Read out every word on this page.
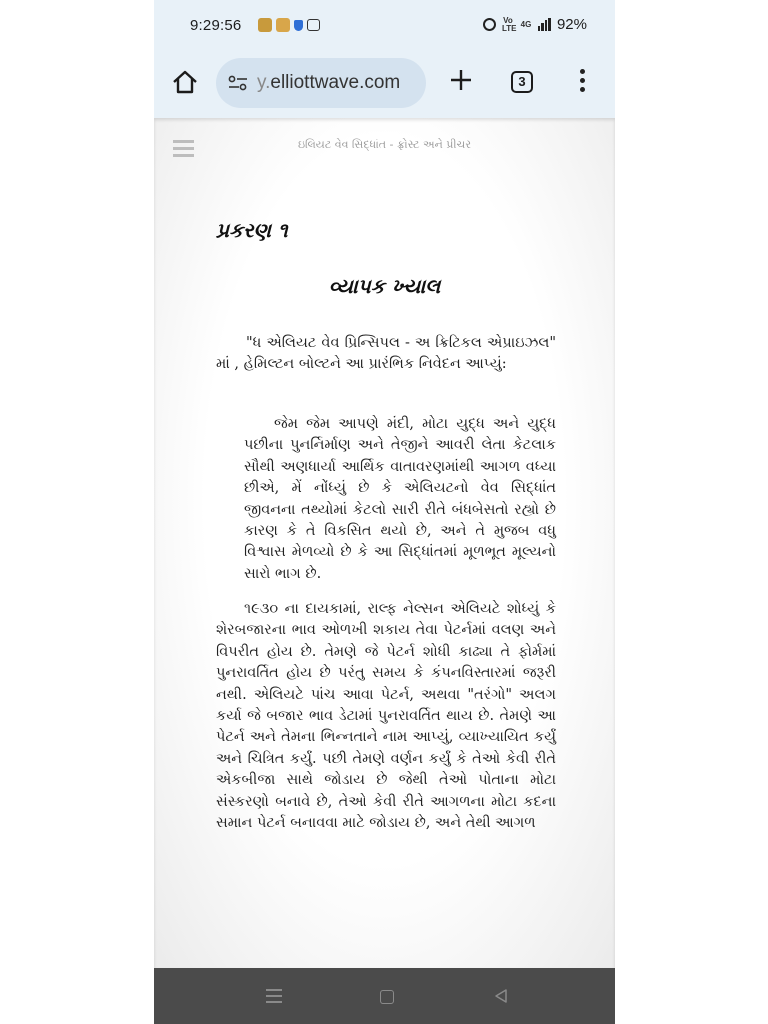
9:29:56	Vo LTE 4G 92%
y.elliottwave.com	3
ઇલિયટ વેવ સિદ્ધાંત - ફ્રોસ્ટ અને પ્રીચર
પ્રકરણ ૧
વ્યાપક ખ્યાલ
"ધ એલિયટ વેવ પ્રિન્સિપલ - અ ક્રિટિકલ એપ્રાઇઝલ" માં , હેમિલ્ટન બોલ્ટને આ પ્રારંભિક નિવેદન આપ્યું:
જેમ જેમ આપણે મંદી, મોટા યુદ્ધ અને યુદ્ધ પછીના પુનર્નિર્માણ અને તેજીને આવરી લેતા કેટલાક સૌથી અણધાર્યા આર્થિક વાતાવરણમાંથી આગળ વધ્યા છીએ, મેં નોંધ્યું છે કે એલિયટનો વેવ સિદ્ધાંત જીવનના તથ્યોમાં કેટલો સારી રીતે બંધબેસતો રહ્યો છે કારણ કે તે વિકસિત થયો છે, અને તે મુજબ વધુ વિશ્વાસ મેળવ્યો છે કે આ સિદ્ધાંતમાં મૂળભૂત મૂલ્યનો સારો ભાગ છે.
૧૯૩૦ ના દાયકામાં, રાલ્ફ નેલ્સન એલિયટે શોધ્યું કે શેરબજારના ભાવ ઓળખી શકાય તેવા પેટર્નમાં વલણ અને વિપરીત હોય છે. તેમણે જે પેટર્ન શોધી કાઢ્યા તે ફોર્મમાં પુનરાવર્તિત હોય છે પરંતુ સમય કે કંપનવિસ્તારમાં જરૂરી નથી. એલિયટે પાંચ આવા પેટર્ન, અથવા "તરંગો" અલગ કર્યા જે બજાર ભાવ ડેટામાં પુનરાવર્તિત થાય છે. તેમણે આ પેટર્ન અને તેમના ભિન્નતાને નામ આપ્યું, વ્યાખ્યાયિત કર્યું અને ચિત્રિત કર્યું. પછી તેમણે વર્ણન કર્યું કે તેઓ કેવી રીતે એકબીજા સાથે જોડાય છે જેથી તેઓ પોતાના મોટા સંસ્કરણો બનાવે છે, તેઓ કેવી રીતે આગળના મોટા કદના સમાન પેટર્ન બનાવવા માટે જોડાય છે, અને તેથી આગળ
